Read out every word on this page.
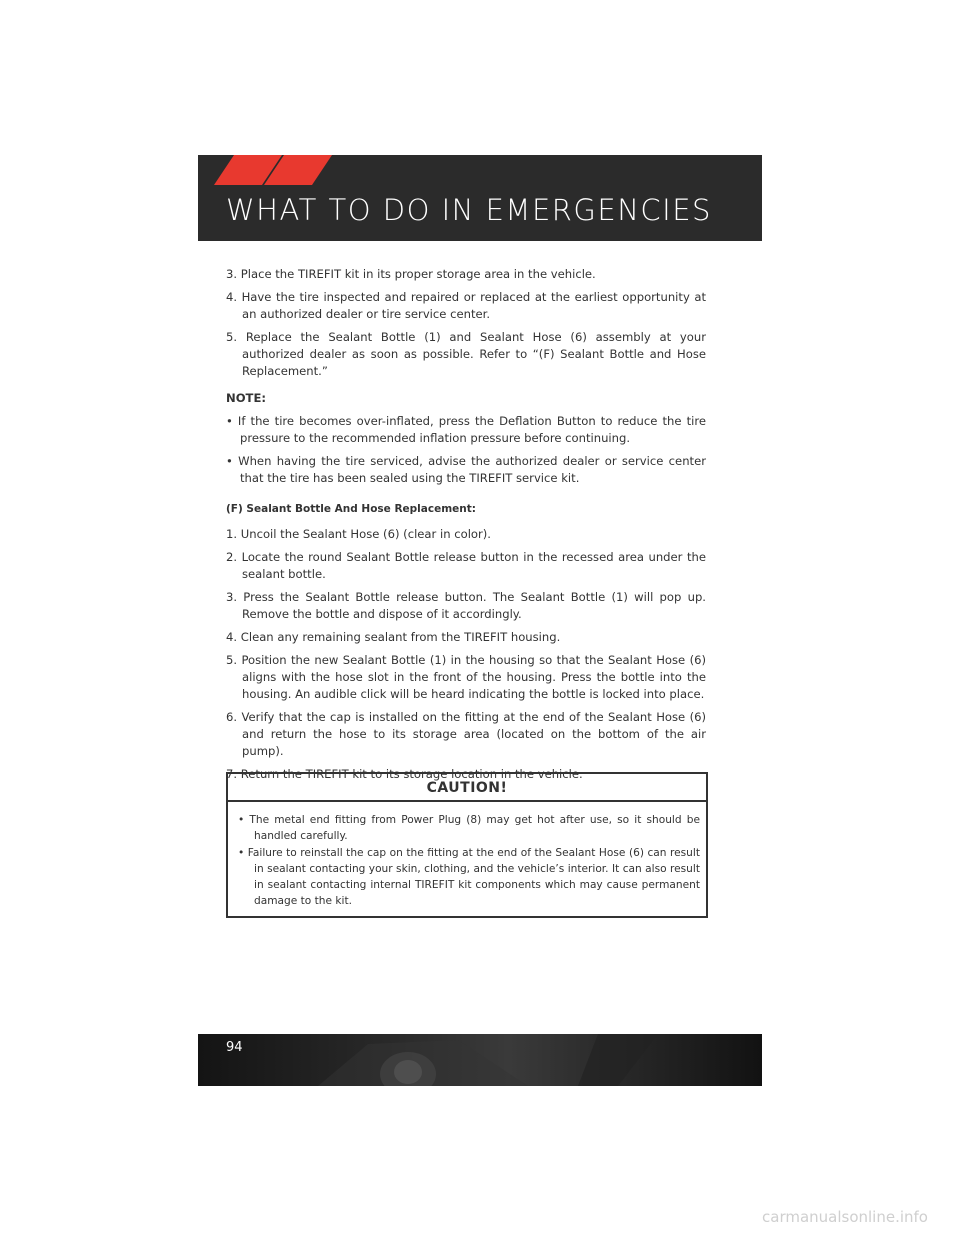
WHAT TO DO IN EMERGENCIES

3. Place the TIREFIT kit in its proper storage area in the vehicle.

4. Have the tire inspected and repaired or replaced at the earliest opportunity at an authorized dealer or tire service center.

5. Replace the Sealant Bottle (1) and Sealant Hose (6) assembly at your authorized dealer as soon as possible. Refer to “(F) Sealant Bottle and Hose Replacement.”

NOTE:

• If the tire becomes over-inflated, press the Deflation Button to reduce the tire pressure to the recommended inflation pressure before continuing.

• When having the tire serviced, advise the authorized dealer or service center that the tire has been sealed using the TIREFIT service kit.

(F) Sealant Bottle And Hose Replacement:

1. Uncoil the Sealant Hose (6) (clear in color).

2. Locate the round Sealant Bottle release button in the recessed area under the sealant bottle.

3. Press the Sealant Bottle release button. The Sealant Bottle (1) will pop up. Remove the bottle and dispose of it accordingly.

4. Clean any remaining sealant from the TIREFIT housing.

5. Position the new Sealant Bottle (1) in the housing so that the Sealant Hose (6) aligns with the hose slot in the front of the housing. Press the bottle into the housing. An audible click will be heard indicating the bottle is locked into place.

6. Verify that the cap is installed on the fitting at the end of the Sealant Hose (6) and return the hose to its storage area (located on the bottom of the air pump).

7. Return the TIREFIT kit to its storage location in the vehicle.

CAUTION!

• The metal end fitting from Power Plug (8) may get hot after use, so it should be handled carefully.

• Failure to reinstall the cap on the fitting at the end of the Sealant Hose (6) can result in sealant contacting your skin, clothing, and the vehicle’s interior. It can also result in sealant contacting internal TIREFIT kit components which may cause permanent damage to the kit.

94
carmanualsonline.info
